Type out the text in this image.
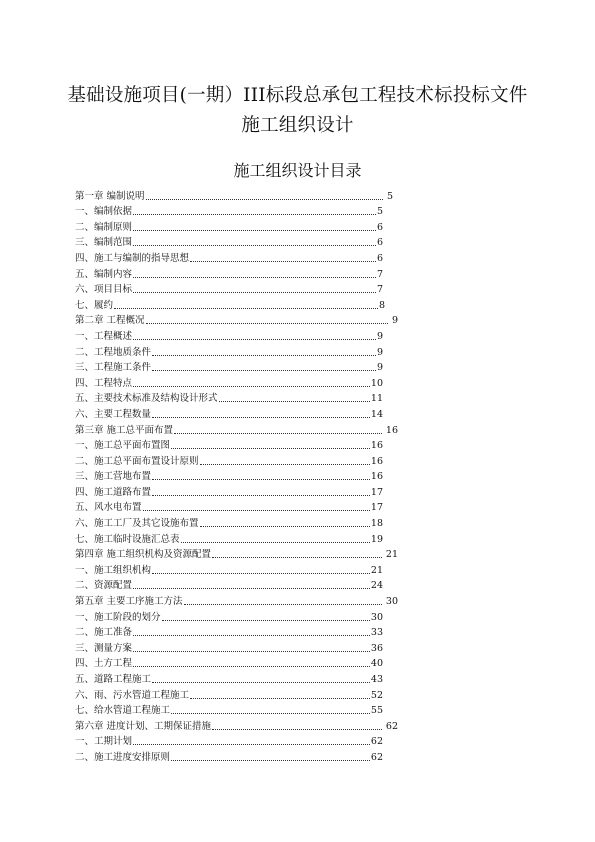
基础设施项目(一期）III标段总承包工程技术标投标文件
施工组织设计
施工组织设计目录
第一章 编制说明	5
一、编制依据	5
二、编制原则	6
三、编制范围	6
四、施工与编制的指导思想	6
五、编制内容	7
六、项目目标	7
七、履约	8
第二章 工程概况	9
一、工程概述	9
二、工程地质条件	9
三、工程施工条件	9
四、工程特点	10
五、主要技术标准及结构设计形式	11
六、主要工程数量	14
第三章 施工总平面布置	16
一、施工总平面布置图	16
二、施工总平面布置设计原则	16
三、施工营地布置	16
四、施工道路布置	17
五、风水电布置	17
六、施工工厂及其它设施布置	18
七、施工临时设施汇总表	19
第四章 施工组织机构及资源配置	21
一、施工组织机构	21
二、资源配置	24
第五章 主要工序施工方法	30
一、施工阶段的划分	30
二、施工准备	33
三、测量方案	36
四、土方工程	40
五、道路工程施工	43
六、雨、污水管道工程施工	52
七、给水管道工程施工	55
第六章 进度计划、工期保证措施	62
一、工期计划	62
二、施工进度安排原则	62
